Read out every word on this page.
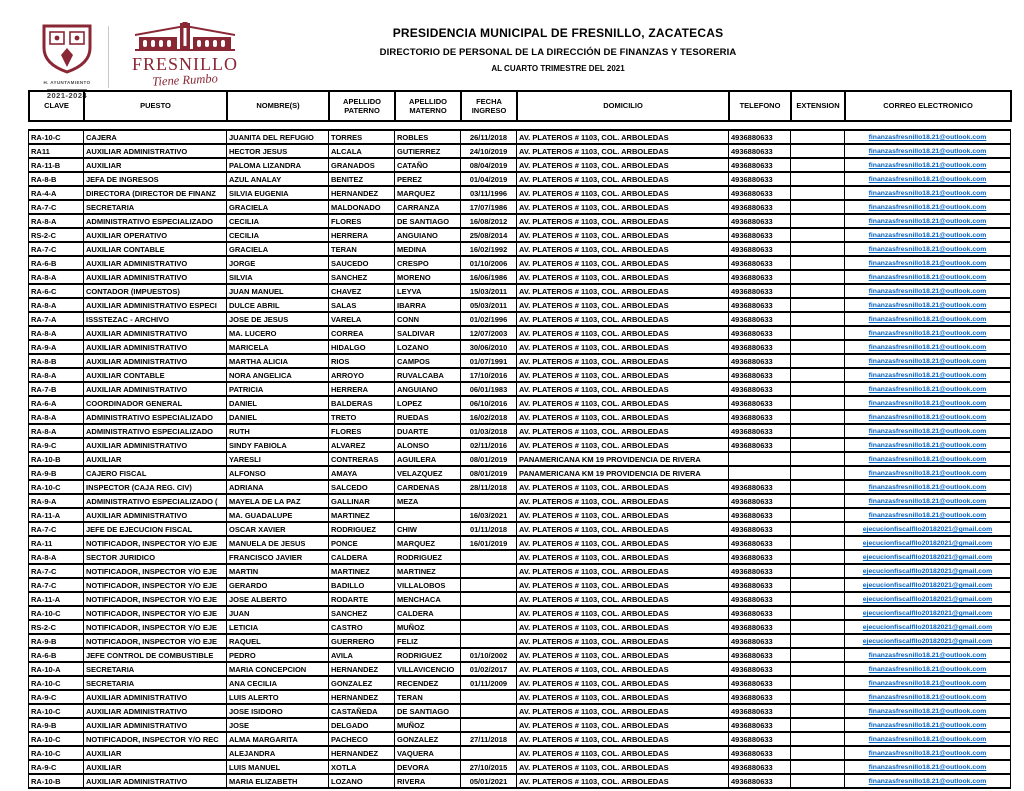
H. AYUNTAMIENTO
2021-2024
FRESNILLO
Tiene Rumbo
PRESIDENCIA MUNICIPAL DE FRESNILLO, ZACATECAS
DIRECTORIO DE PERSONAL DE LA DIRECCIÓN DE FINANZAS Y TESORERIA
AL CUARTO TRIMESTRE DEL 2021
CLAVE	PUESTO	NOMBRE(S)	APELLIDO PATERNO	APELLIDO MATERNO	FECHA INGRESO	DOMICILIO	TELEFONO	EXTENSION	CORREO ELECTRONICO
RA-10-C	CAJERA	JUANITA DEL REFUGIO	TORRES	ROBLES	26/11/2018	AV. PLATEROS # 1103, COL. ARBOLEDAS	4936880633		finanzasfresnillo18.21@outlook.com
RA11	AUXILIAR ADMINISTRATIVO	HECTOR JESUS	ALCALA	GUTIERREZ	24/10/2019	AV. PLATEROS # 1103, COL. ARBOLEDAS	4936880633		finanzasfresnillo18.21@outlook.com
RA-11-B	AUXILIAR	PALOMA LIZANDRA	GRANADOS	CATAÑO	08/04/2019	AV. PLATEROS # 1103, COL. ARBOLEDAS	4936880633		finanzasfresnillo18.21@outlook.com
RA-8-B	JEFA DE INGRESOS	AZUL ANALAY	BENITEZ	PEREZ	01/04/2019	AV. PLATEROS # 1103, COL. ARBOLEDAS	4936880633		finanzasfresnillo18.21@outlook.com
RA-4-A	DIRECTORA (DIRECTOR DE FINANZ	SILVIA EUGENIA	HERNANDEZ	MARQUEZ	03/11/1996	AV. PLATEROS # 1103, COL. ARBOLEDAS	4936880633		finanzasfresnillo18.21@outlook.com
RA-7-C	SECRETARIA	GRACIELA	MALDONADO	CARRANZA	17/07/1986	AV. PLATEROS # 1103, COL. ARBOLEDAS	4936880633		finanzasfresnillo18.21@outlook.com
RA-8-A	ADMINISTRATIVO ESPECIALIZADO	CECILIA	FLORES	DE SANTIAGO	16/08/2012	AV. PLATEROS # 1103, COL. ARBOLEDAS	4936880633		finanzasfresnillo18.21@outlook.com
RS-2-C	AUXILIAR OPERATIVO	CECILIA	HERRERA	ANGUIANO	25/08/2014	AV. PLATEROS # 1103, COL. ARBOLEDAS	4936880633		finanzasfresnillo18.21@outlook.com
RA-7-C	AUXILIAR CONTABLE	GRACIELA	TERAN	MEDINA	16/02/1992	AV. PLATEROS # 1103, COL. ARBOLEDAS	4936880633		finanzasfresnillo18.21@outlook.com
RA-6-B	AUXILIAR ADMINISTRATIVO	JORGE	SAUCEDO	CRESPO	01/10/2006	AV. PLATEROS # 1103, COL. ARBOLEDAS	4936880633		finanzasfresnillo18.21@outlook.com
RA-8-A	AUXILIAR ADMINISTRATIVO	SILVIA	SANCHEZ	MORENO	16/06/1986	AV. PLATEROS # 1103, COL. ARBOLEDAS	4936880633		finanzasfresnillo18.21@outlook.com
RA-6-C	CONTADOR (IMPUESTOS)	JUAN MANUEL	CHAVEZ	LEYVA	15/03/2011	AV. PLATEROS # 1103, COL. ARBOLEDAS	4936880633		finanzasfresnillo18.21@outlook.com
RA-8-A	AUXILIAR ADMINISTRATIVO ESPECI	DULCE ABRIL	SALAS	IBARRA	05/03/2011	AV. PLATEROS # 1103, COL. ARBOLEDAS	4936880633		finanzasfresnillo18.21@outlook.com
RA-7-A	ISSSTEZAC - ARCHIVO	JOSE DE JESUS	VARELA	CONN	01/02/1996	AV. PLATEROS # 1103, COL. ARBOLEDAS	4936880633		finanzasfresnillo18.21@outlook.com
RA-8-A	AUXILIAR ADMINISTRATIVO	MA. LUCERO	CORREA	SALDIVAR	12/07/2003	AV. PLATEROS # 1103, COL. ARBOLEDAS	4936880633		finanzasfresnillo18.21@outlook.com
RA-9-A	AUXILIAR ADMINISTRATIVO	MARICELA	HIDALGO	LOZANO	30/06/2010	AV. PLATEROS # 1103, COL. ARBOLEDAS	4936880633		finanzasfresnillo18.21@outlook.com
RA-8-B	AUXILIAR ADMINISTRATIVO	MARTHA ALICIA	RIOS	CAMPOS	01/07/1991	AV. PLATEROS # 1103, COL. ARBOLEDAS	4936880633		finanzasfresnillo18.21@outlook.com
RA-8-A	AUXILIAR CONTABLE	NORA ANGELICA	ARROYO	RUVALCABA	17/10/2016	AV. PLATEROS # 1103, COL. ARBOLEDAS	4936880633		finanzasfresnillo18.21@outlook.com
RA-7-B	AUXILIAR ADMINISTRATIVO	PATRICIA	HERRERA	ANGUIANO	06/01/1983	AV. PLATEROS # 1103, COL. ARBOLEDAS	4936880633		finanzasfresnillo18.21@outlook.com
RA-6-A	COORDINADOR GENERAL	DANIEL	BALDERAS	LOPEZ	06/10/2016	AV. PLATEROS # 1103, COL. ARBOLEDAS	4936880633		finanzasfresnillo18.21@outlook.com
RA-8-A	ADMINISTRATIVO ESPECIALIZADO	DANIEL	TRETO	RUEDAS	16/02/2018	AV. PLATEROS # 1103, COL. ARBOLEDAS	4936880633		finanzasfresnillo18.21@outlook.com
RA-8-A	ADMINISTRATIVO ESPECIALIZADO	RUTH	FLORES	DUARTE	01/03/2018	AV. PLATEROS # 1103, COL. ARBOLEDAS	4936880633		finanzasfresnillo18.21@outlook.com
RA-9-C	AUXILIAR ADMINISTRATIVO	SINDY FABIOLA	ALVAREZ	ALONSO	02/11/2016	AV. PLATEROS # 1103, COL. ARBOLEDAS	4936880633		finanzasfresnillo18.21@outlook.com
RA-10-B	AUXILIAR	YARESLI	CONTRERAS	AGUILERA	08/01/2019	PANAMERICANA KM 19 PROVIDENCIA DE RIVERA			finanzasfresnillo18.21@outlook.com
RA-9-B	CAJERO FISCAL	ALFONSO	AMAYA	VELAZQUEZ	08/01/2019	PANAMERICANA KM 19 PROVIDENCIA DE RIVERA			finanzasfresnillo18.21@outlook.com
RA-10-C	INSPECTOR (CAJA REG. CIV)	ADRIANA	SALCEDO	CARDENAS	28/11/2018	AV. PLATEROS # 1103, COL. ARBOLEDAS	4936880633		finanzasfresnillo18.21@outlook.com
RA-9-A	ADMINISTRATIVO ESPECIALIZADO (	MAYELA DE LA PAZ	GALLINAR	MEZA		AV. PLATEROS # 1103, COL. ARBOLEDAS	4936880633		finanzasfresnillo18.21@outlook.com
RA-11-A	AUXILIAR ADMINISTRATIVO	MA. GUADALUPE	MARTINEZ		16/03/2021	AV. PLATEROS # 1103, COL. ARBOLEDAS	4936880633		finanzasfresnillo18.21@outlook.com
RA-7-C	JEFE DE EJECUCION FISCAL	OSCAR XAVIER	RODRIGUEZ	CHIW	01/11/2018	AV. PLATEROS # 1103, COL. ARBOLEDAS	4936880633		ejecucionfiscalfllo20182021@gmail.com
RA-11	NOTIFICADOR, INSPECTOR Y/O EJE	MANUELA DE JESUS	PONCE	MARQUEZ	16/01/2019	AV. PLATEROS # 1103, COL. ARBOLEDAS	4936880633		ejecucionfiscalfllo20182021@gmail.com
RA-8-A	SECTOR JURIDICO	FRANCISCO JAVIER	CALDERA	RODRIGUEZ		AV. PLATEROS # 1103, COL. ARBOLEDAS	4936880633		ejecucionfiscalfllo20182021@gmail.com
RA-7-C	NOTIFICADOR, INSPECTOR Y/O EJE	MARTIN	MARTINEZ	MARTINEZ		AV. PLATEROS # 1103, COL. ARBOLEDAS	4936880633		ejecucionfiscalfllo20182021@gmail.com
RA-7-C	NOTIFICADOR, INSPECTOR Y/O EJE	GERARDO	BADILLO	VILLALOBOS		AV. PLATEROS # 1103, COL. ARBOLEDAS	4936880633		ejecucionfiscalfllo20182021@gmail.com
RA-11-A	NOTIFICADOR, INSPECTOR Y/O EJE	JOSE ALBERTO	RODARTE	MENCHACA		AV. PLATEROS # 1103, COL. ARBOLEDAS	4936880633		ejecucionfiscalfllo20182021@gmail.com
RA-10-C	NOTIFICADOR, INSPECTOR Y/O EJE	JUAN	SANCHEZ	CALDERA		AV. PLATEROS # 1103, COL. ARBOLEDAS	4936880633		ejecucionfiscalfllo20182021@gmail.com
RS-2-C	NOTIFICADOR, INSPECTOR Y/O EJE	LETICIA	CASTRO	MUÑOZ		AV. PLATEROS # 1103, COL. ARBOLEDAS	4936880633		ejecucionfiscalfllo20182021@gmail.com
RA-9-B	NOTIFICADOR, INSPECTOR Y/O EJE	RAQUEL	GUERRERO	FELIZ		AV. PLATEROS # 1103, COL. ARBOLEDAS	4936880633		ejecucionfiscalfllo20182021@gmail.com
RA-6-B	JEFE CONTROL DE COMBUSTIBLE	PEDRO	AVILA	RODRIGUEZ	01/10/2002	AV. PLATEROS # 1103, COL. ARBOLEDAS	4936880633		finanzasfresnillo18.21@outlook.com
RA-10-A	SECRETARIA	MARIA CONCEPCION	HERNANDEZ	VILLAVICENCIO	01/02/2017	AV. PLATEROS # 1103, COL. ARBOLEDAS	4936880633		finanzasfresnillo18.21@outlook.com
RA-10-C	SECRETARIA	ANA CECILIA	GONZALEZ	RECENDEZ	01/11/2009	AV. PLATEROS # 1103, COL. ARBOLEDAS	4936880633		finanzasfresnillo18.21@outlook.com
RA-9-C	AUXILIAR ADMINISTRATIVO	LUIS ALERTO	HERNANDEZ	TERAN		AV. PLATEROS # 1103, COL. ARBOLEDAS	4936880633		finanzasfresnillo18.21@outlook.com
RA-10-C	AUXILIAR ADMINISTRATIVO	JOSE ISIDORO	CASTAÑEDA	DE SANTIAGO		AV. PLATEROS # 1103, COL. ARBOLEDAS	4936880633		finanzasfresnillo18.21@outlook.com
RA-9-B	AUXILIAR ADMINISTRATIVO	JOSE	DELGADO	MUÑOZ		AV. PLATEROS # 1103, COL. ARBOLEDAS	4936880633		finanzasfresnillo18.21@outlook.com
RA-10-C	NOTIFICADOR, INSPECTOR Y/O REC	ALMA MARGARITA	PACHECO	GONZALEZ	27/11/2018	AV. PLATEROS # 1103, COL. ARBOLEDAS	4936880633		finanzasfresnillo18.21@outlook.com
RA-10-C	AUXILIAR	ALEJANDRA	HERNANDEZ	VAQUERA		AV. PLATEROS # 1103, COL. ARBOLEDAS	4936880633		finanzasfresnillo18.21@outlook.com
RA-9-C	AUXILIAR	LUIS MANUEL	XOTLA	DEVORA	27/10/2015	AV. PLATEROS # 1103, COL. ARBOLEDAS	4936880633		finanzasfresnillo18.21@outlook.com
RA-10-B	AUXILIAR ADMINISTRATIVO	MARIA ELIZABETH	LOZANO	RIVERA	05/01/2021	AV. PLATEROS # 1103, COL. ARBOLEDAS	4936880633		finanzasfresnillo18.21@outlook.com
